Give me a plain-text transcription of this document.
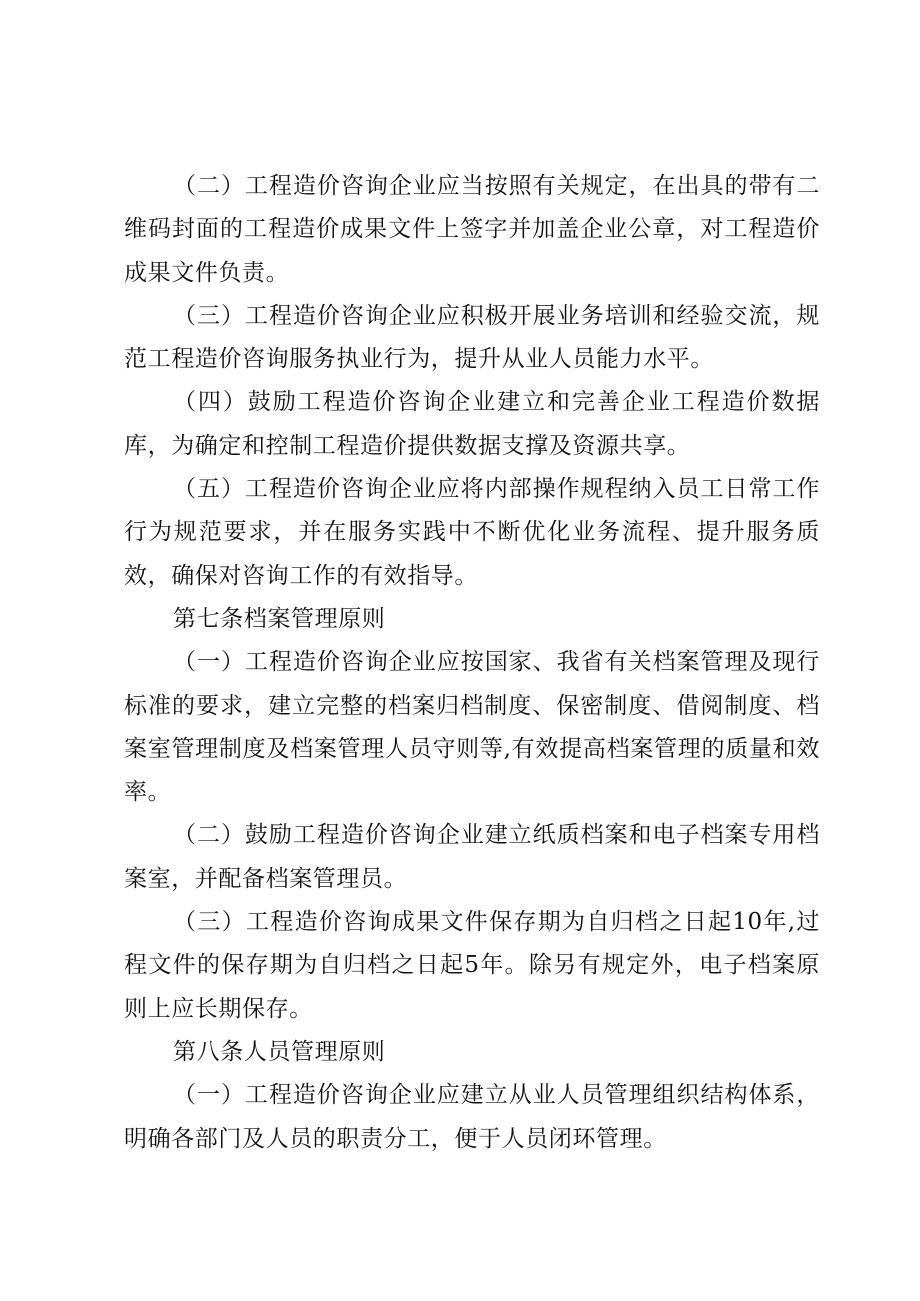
（二）工程造价咨询企业应当按照有关规定，在出具的带有二维码封面的工程造价成果文件上签字并加盖企业公章，对工程造价成果文件负责。

（三）工程造价咨询企业应积极开展业务培训和经验交流，规范工程造价咨询服务执业行为，提升从业人员能力水平。

（四）鼓励工程造价咨询企业建立和完善企业工程造价数据库，为确定和控制工程造价提供数据支撑及资源共享。

（五）工程造价咨询企业应将内部操作规程纳入员工日常工作行为规范要求，并在服务实践中不断优化业务流程、提升服务质效，确保对咨询工作的有效指导。

第七条档案管理原则

（一）工程造价咨询企业应按国家、我省有关档案管理及现行标准的要求，建立完整的档案归档制度、保密制度、借阅制度、档案室管理制度及档案管理人员守则等,有效提高档案管理的质量和效率。

（二）鼓励工程造价咨询企业建立纸质档案和电子档案专用档案室，并配备档案管理员。

（三）工程造价咨询成果文件保存期为自归档之日起10年,过程文件的保存期为自归档之日起5年。除另有规定外，电子档案原则上应长期保存。

第八条人员管理原则

（一）工程造价咨询企业应建立从业人员管理组织结构体系，明确各部门及人员的职责分工，便于人员闭环管理。
